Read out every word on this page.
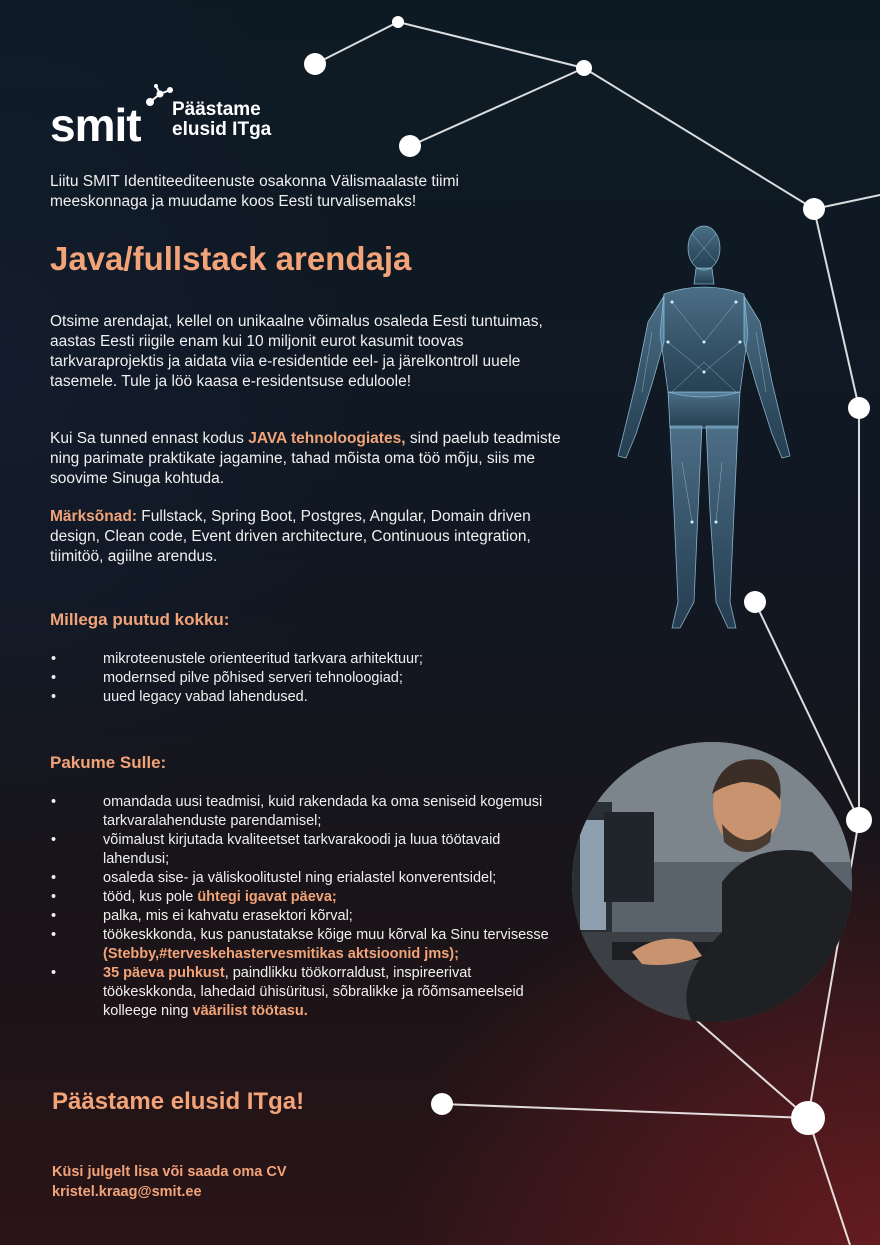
smit Päästame
elusid ITga
Liitu SMIT Identiteediteenuste osakonna Välismaalaste tiimi meeskonnaga ja muudame koos Eesti turvalisemaks!
Java/fullstack arendaja
Otsime arendajat, kellel on unikaalne võimalus osaleda Eesti tuntuimas, aastas Eesti riigile enam kui 10 miljonit eurot kasumit toovas tarkvaraprojektis ja aidata viia e-residentide eel- ja järelkontroll uuele tasemele. Tule ja löö kaasa e-residentsuse eduloole!
Kui Sa tunned ennast kodus JAVA tehnoloogiates, sind paelub teadmiste ning parimate praktikate jagamine, tahad mõista oma töö mõju, siis me soovime Sinuga kohtuda.
Märksõnad: Fullstack, Spring Boot, Postgres, Angular, Domain driven design, Clean code, Event driven architecture, Continuous integration, tiimitöö, agiilne arendus.
Millega puutud kokku:
•	mikroteenustele orienteeritud tarkvara arhitektuur;
•	modernsed pilve põhised serveri tehnoloogiad;
•	uued legacy vabad lahendused.
Pakume Sulle:
•	omandada uusi teadmisi, kuid rakendada ka oma seniseid kogemusi tarkvaralahenduste parendamisel;
•	võimalust kirjutada kvaliteetset tarkvarakoodi ja luua töötavaid lahendusi;
•	osaleda sise- ja väliskoolitustel ning erialastel konverentsidel;
•	tööd, kus pole ühtegi igavat päeva;
•	palka, mis ei kahvatu erasektori kõrval;
•	töökeskkonda, kus panustatakse kõige muu kõrval ka Sinu tervisesse (Stebby,#terveskehastervesmitikas aktsioonid jms);
•	35 päeva puhkust, paindlikku töökorraldust, inspireerivat töökeskkonda, lahedaid ühisüritusi, sõbralikke ja rõõmsameelseid kolleege ning väärilist töötasu.
Päästame elusid ITga!
Küsi julgelt lisa või saada oma CV
kristel.kraag@smit.ee
